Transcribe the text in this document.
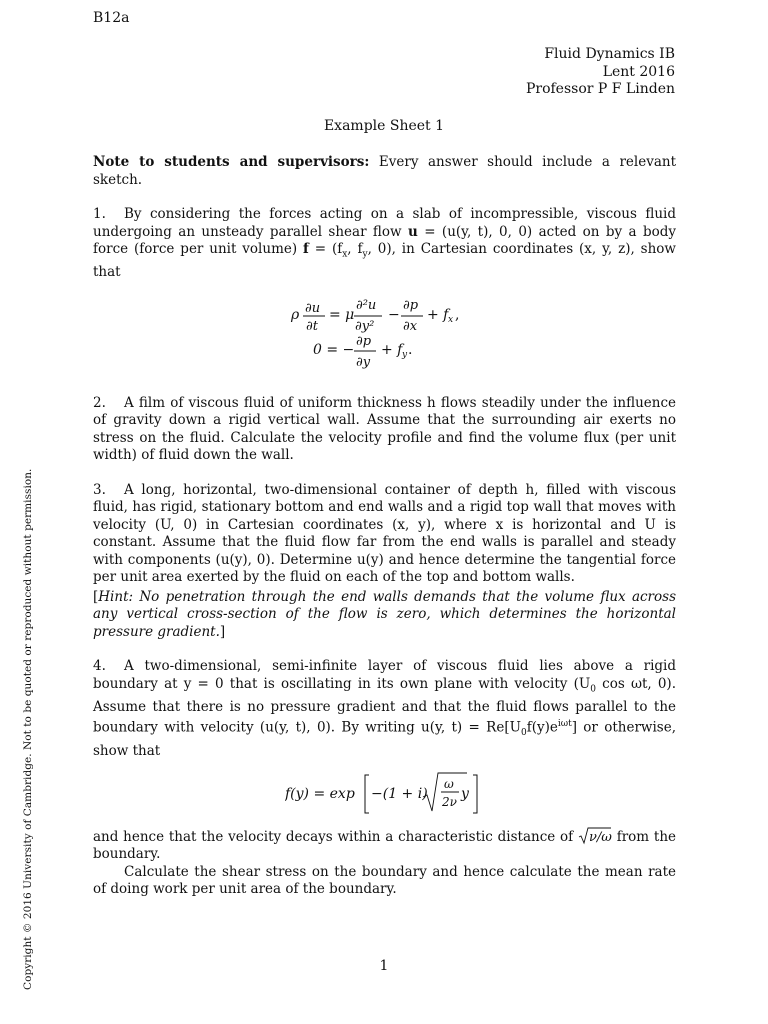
B12a
Fluid Dynamics IB
Lent 2016
Professor P F Linden
Example Sheet 1
Copyright © 2016 University of Cambridge. Not to be quoted or reproduced without permission.

Note to students and supervisors: Every answer should include a relevant sketch.

1. By considering the forces acting on a slab of incompressible, viscous fluid undergoing an unsteady parallel shear flow u = (u(y, t), 0, 0) acted on by a body force (force per unit volume) $f = (f_x$, $f_y$, 0), in Cartesian coordinates (x, y, z), show that

ρ ∂u
∂t
= μ
∂²u
∂y²
−
∂p
∂x
+ f x ,
0 = −
∂p
∂y
+ f y .

2. A film of viscous fluid of uniform thickness h flows steadily under the influence of gravity down a rigid vertical wall. Assume that the surrounding air exerts no stress on the fluid. Calculate the velocity profile and find the volume flux (per unit width) of fluid down the wall.

3. A long, horizontal, two-dimensional container of depth h, filled with viscous fluid, has rigid, stationary bottom and end walls and a rigid top wall that moves with velocity (U, 0) in Cartesian coordinates (x, y), where x is horizontal and U is constant. Assume that the fluid flow far from the end walls is parallel and steady with components (u(y), 0). Determine u(y) and hence determine the tangential force per unit area exerted by the fluid on each of the top and bottom walls.

[Hint: No penetration through the end walls demands that the volume flux across any vertical cross-section of the flow is zero, which determines the horizontal pressure gradient.]

4. A two-dimensional, semi-infinite layer of viscous fluid lies above a rigid boundary at y = 0 that is oscillating in its own plane with velocity ($U_0$ cos ωt, 0). Assume that there is no pressure gradient and that the fluid flows parallel to the boundary with velocity (u(y, t), 0). By writing u(y, $t) = Re[U_0f(y)e^{i\omega t}]$ or otherwise, show that

f(y) = exp −(1 + i)
ω
2ν y

and hence that the velocity decays within a characteristic distance of ν/ω from the boundary.

Calculate the shear stress on the boundary and hence calculate the mean rate of doing work per unit area of the boundary.

1
